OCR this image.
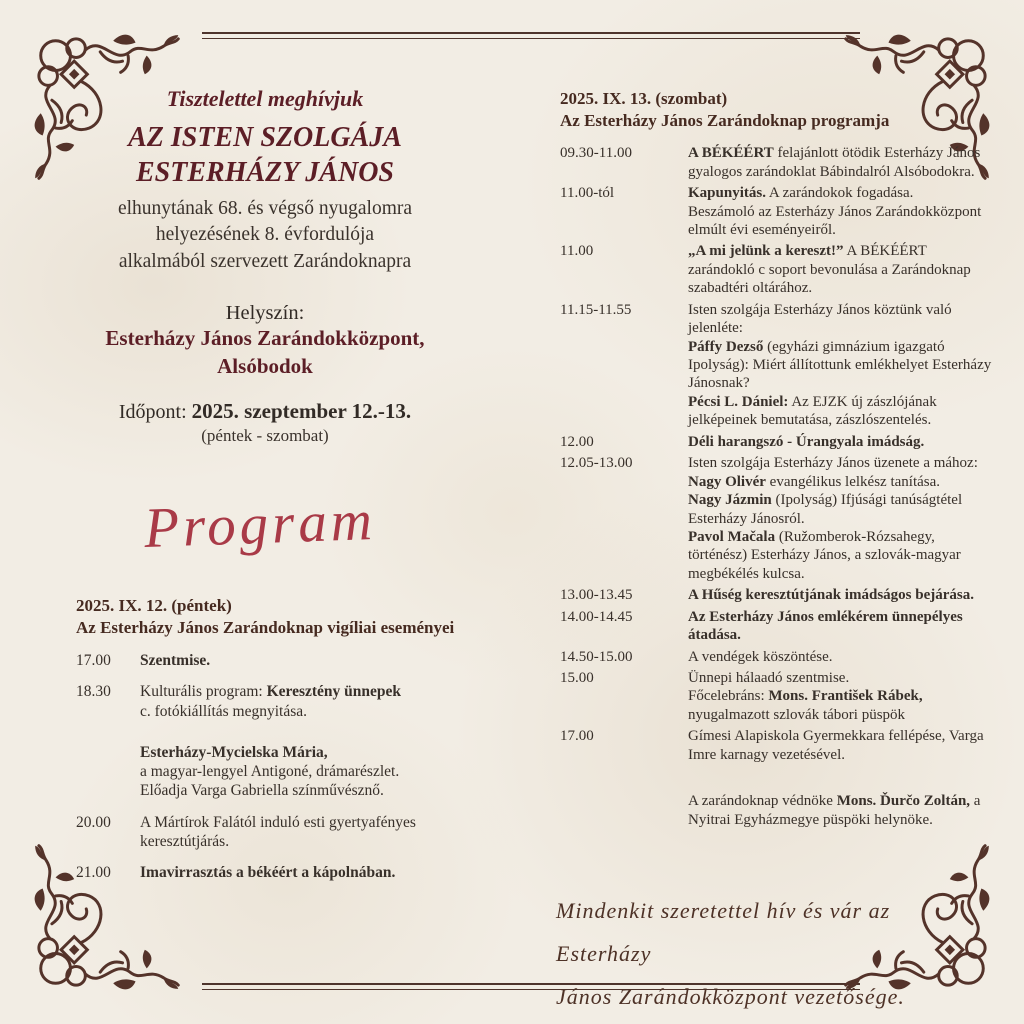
Tisztelettel meghívjuk
AZ ISTEN SZOLGÁJA
ESTERHÁZY JÁNOS
elhunytának 68. és végső nyugalomra
helyezésének 8. évfordulója
alkalmából szervezett Zarándoknapra
Helyszín:
Esterházy János Zarándokközpont,
Alsóbodok
Időpont: 2025. szeptember 12.-13.
(péntek - szombat)
Program
2025. IX. 12. (péntek)
Az Esterházy János Zarándoknap vigíliai eseményei
17.00	Szentmise.
18.30	Kulturális program: Keresztény ünnepek
c. fotókiállítás megnyitása.
Esterházy-Mycielska Mária,
a magyar-lengyel Antigoné, drámarészlet.
Előadja Varga Gabriella színművésznő.
20.00	A Mártírok Falától induló esti gyertyafényes keresztútjárás.
21.00	Imavirrasztás a békéért a kápolnában.
2025. IX. 13. (szombat)
Az Esterházy János Zarándoknap programja
09.30-11.00	A BÉKÉÉRT felajánlott ötödik Esterházy János gyalogos zarándoklat Bábindalról Alsóbodokra.
11.00-tól	Kapunyitás. A zarándokok fogadása.
Beszámoló az Esterházy János Zarándokközpont elmúlt évi eseményeiről.
11.00	„A mi jelünk a kereszt!” A BÉKÉÉRT zarándokló c soport bevonulása a Zarándoknap szabadtéri oltárához.
11.15-11.55	Isten szolgája Esterházy János köztünk való jelenléte:
Páffy Dezső (egyházi gimnázium igazgató Ipolyság): Miért állítottunk emlékhelyet Esterházy Jánosnak?
Pécsi L. Dániel: Az EJZK új zászlójának jelképeinek bemutatása, zászlószentelés.
12.00	Déli harangszó - Úrangyala imádság.
12.05-13.00	Isten szolgája Esterházy János üzenete a mához:
Nagy Olivér evangélikus lelkész tanítása.
Nagy Jázmin (Ipolyság) Ifjúsági tanúságtétel Esterházy Jánosról.
Pavol Mačala (Ružomberok-Rózsahegy, történész) Esterházy János, a szlovák-magyar megbékélés kulcsa.
13.00-13.45	A Hűség keresztútjának imádságos bejárása.
14.00-14.45	Az Esterházy János emlékérem ünnepélyes átadása.
14.50-15.00	A vendégek köszöntése.
15.00	Ünnepi hálaadó szentmise.
Főcelebráns: Mons. František Rábek, nyugalmazott szlovák tábori püspök
17.00	Gímesi Alapiskola Gyermekkara fellépése, Varga Imre karnagy vezetésével.
A zarándoknap védnöke Mons. Ďurčo Zoltán, a Nyitrai Egyházmegye püspöki helynöke.
Mindenkit szeretettel hív és vár az Esterházy
János Zarándokközpont vezetősége.
